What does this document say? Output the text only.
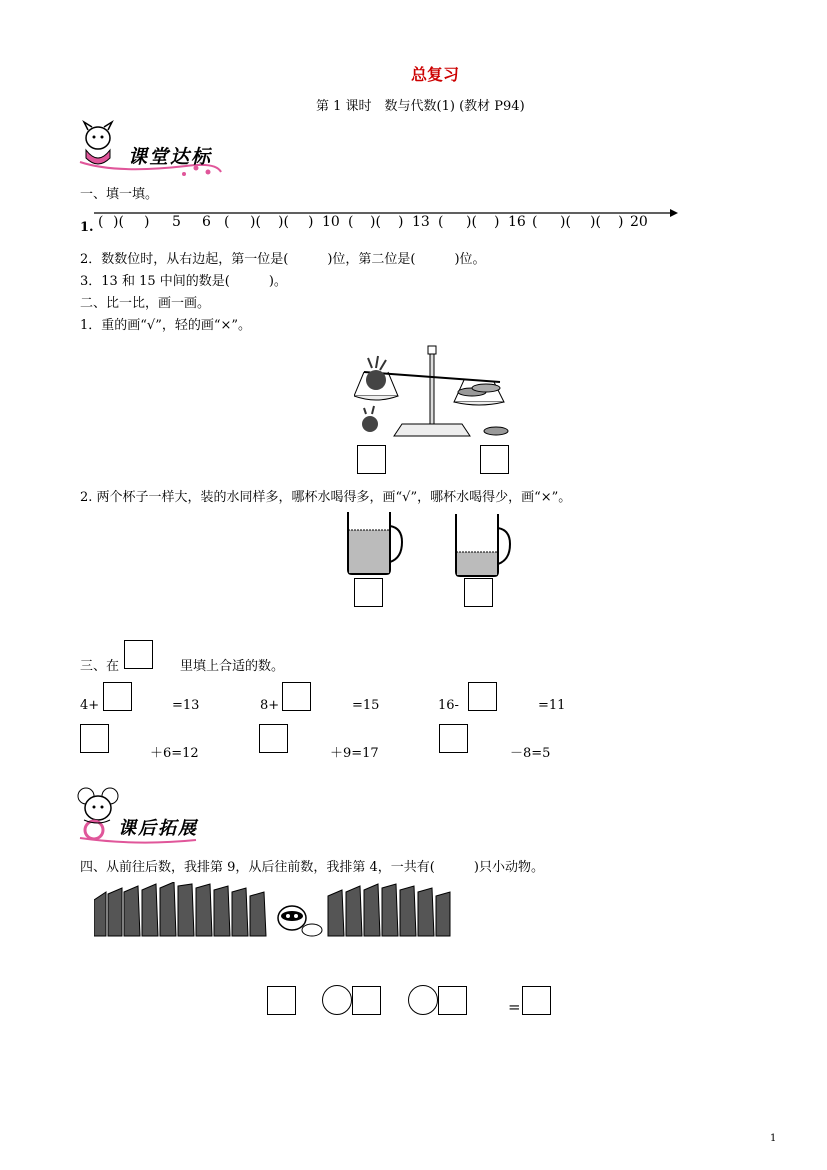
总复习
第 1 课时　数与代数(1) (教材 P94)
课堂达标
一、填一填。
1. ( )( ) 5 6 ( )( )( ) 10 ( )( ) 13 ( )( ) 16 ( )( )( ) 20
2．数数位时，从右边起，第一位是(　　　)位，第二位是(　　　)位。
3．13 和 15 中间的数是(　　　)。
二、比一比，画一画。
1．重的画“√”，轻的画“×”。
2. 两个杯子一样大，装的水同样多，哪杯水喝得多，画“√”，哪杯水喝得少，画“×”。
三、在	里填上合适的数。
4+	=13	8+	=15	16-	=11
＋6=12	＋9=17	－8=5
课后拓展
四、从前往后数，我排第 9，从后往前数，我排第 4，一共有(　　　)只小动物。
=
1
